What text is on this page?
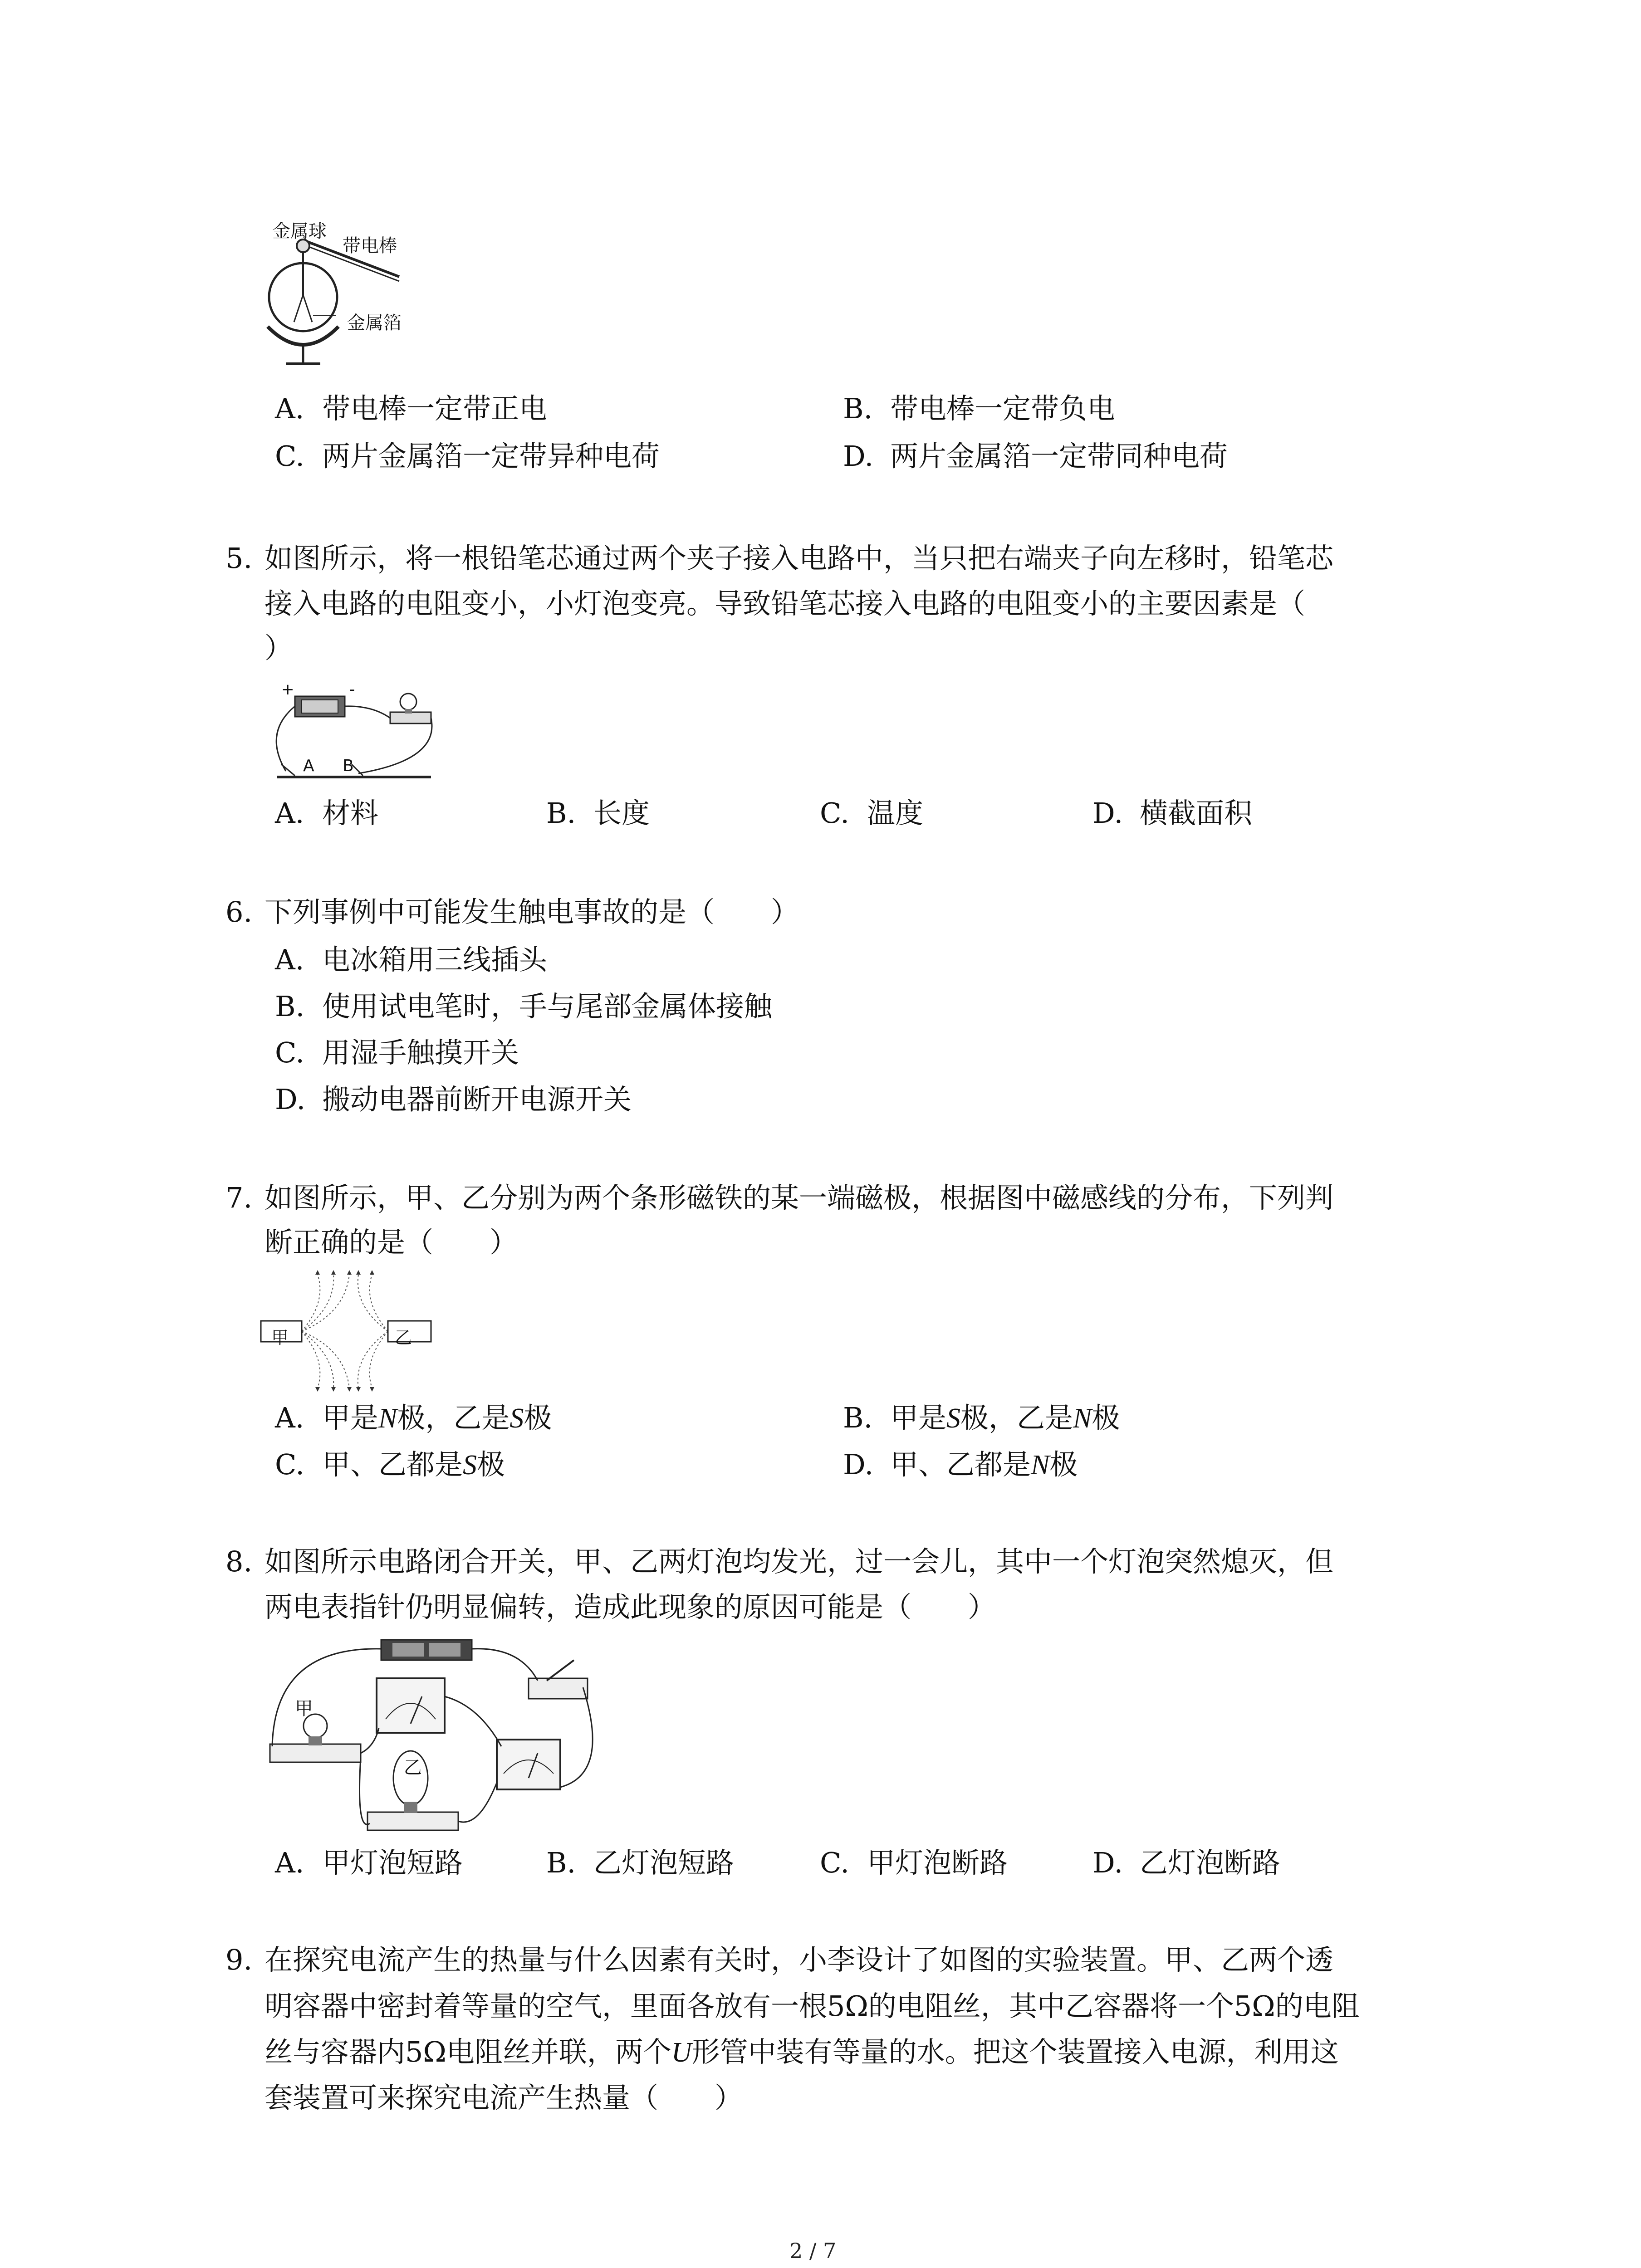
金属球
带电棒
金属箔
A. 带电棒一定带正电	B. 带电棒一定带负电
C. 两片金属箔一定带异种电荷	D. 两片金属箔一定带同种电荷
5. 如图所示，将一根铅笔芯通过两个夹子接入电路中，当只把右端夹子向左移时，铅笔芯
接入电路的电阻变小，小灯泡变亮。导致铅笔芯接入电路的电阻变小的主要因素是（
）
+	-
A B
A. 材料	B. 长度	C. 温度	D. 横截面积
6. 下列事例中可能发生触电事故的是（　　）
A. 电冰箱用三线插头
B. 使用试电笔时，手与尾部金属体接触
C. 用湿手触摸开关
D. 搬动电器前断开电源开关
7. 如图所示，甲、乙分别为两个条形磁铁的某一端磁极，根据图中磁感线的分布，下列判
断正确的是（　　）
甲	乙
A. 甲是N极，乙是S极	B. 甲是S极，乙是N极
C. 甲、乙都是S极	D. 甲、乙都是N极
8. 如图所示电路闭合开关，甲、乙两灯泡均发光，过一会儿，其中一个灯泡突然熄灭，但
两电表指针仍明显偏转，造成此现象的原因可能是（　　）
甲
乙
A. 甲灯泡短路	B. 乙灯泡短路	C. 甲灯泡断路	D. 乙灯泡断路
9. 在探究电流产生的热量与什么因素有关时，小李设计了如图的实验装置。甲、乙两个透
明容器中密封着等量的空气，里面各放有一根5Ω的电阻丝，其中乙容器将一个5Ω的电阻
丝与容器内5Ω电阻丝并联，两个U形管中装有等量的水。把这个装置接入电源，利用这
套装置可来探究电流产生热量（　　）
2 / 7
